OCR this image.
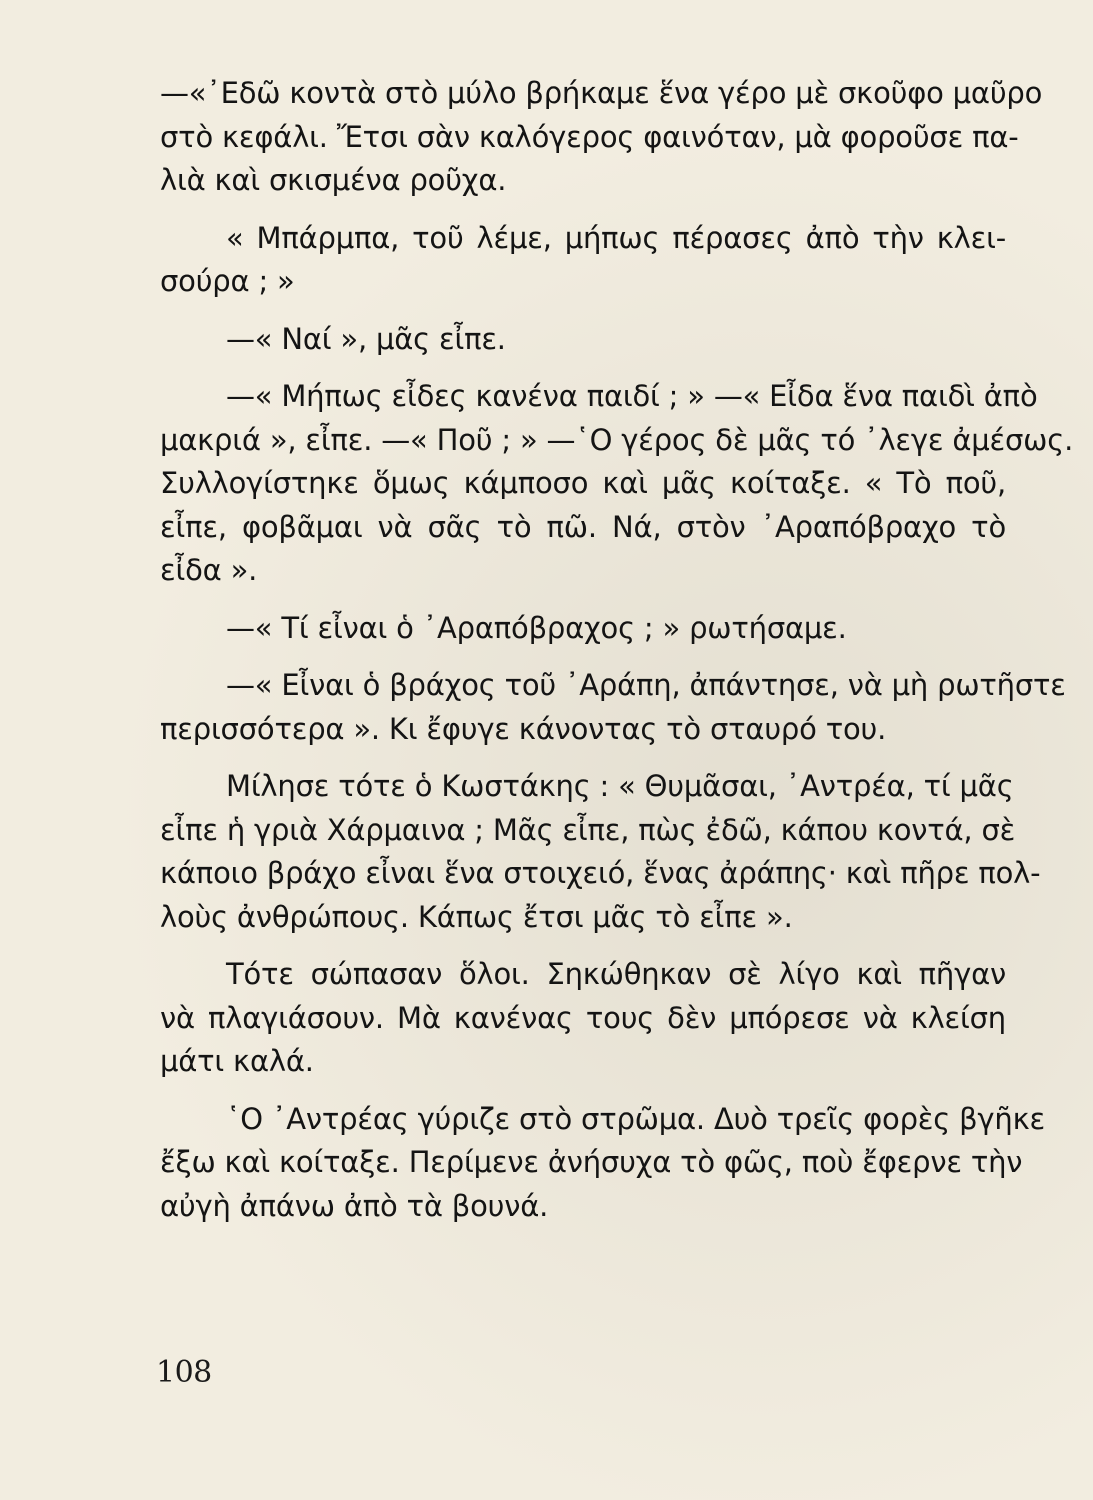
—«᾿Εδῶ κοντὰ στὸ μύλο βρήκαμε ἕνα γέρο μὲ σκοῦφο μαῦρο
στὸ κεφάλι. Ἔτσι σὰν καλόγερος φαινόταν, μὰ φοροῦσε πα-
λιὰ καὶ σκισμένα ροῦχα.

« Μπάρμπα, τοῦ λέμε, μήπως πέρασες ἀπὸ τὴν κλει-
σούρα ; »

—« Ναί », μᾶς εἶπε.

—« Μήπως εἶδες κανένα παιδί ; » —« Εἶδα ἕνα παιδὶ ἀπὸ
μακριά », εἶπε. —« Ποῦ ; » —῾Ο γέρος δὲ μᾶς τό ᾿λεγε ἀμέσως.
Συλλογίστηκε ὅμως κάμποσο καὶ μᾶς κοίταξε. « Τὸ ποῦ,
εἶπε, φοβᾶμαι νὰ σᾶς τὸ πῶ. Νά, στὸν ᾿Αραπόβραχο τὸ
εἶδα ».

—« Τί εἶναι ὁ ᾿Αραπόβραχος ; » ρωτήσαμε.

—« Εἶναι ὁ βράχος τοῦ ᾿Αράπη, ἀπάντησε, νὰ μὴ ρωτῆστε
περισσότερα ». Κι ἔφυγε κάνοντας τὸ σταυρό του.

Μίλησε τότε ὁ Κωστάκης : « Θυμᾶσαι, ᾿Αντρέα, τί μᾶς
εἶπε ἡ γριὰ Χάρμαινα ; Μᾶς εἶπε, πὼς ἐδῶ, κάπου κοντά, σὲ
κάποιο βράχο εἶναι ἕνα στοιχειό, ἕνας ἀράπης· καὶ πῆρε πολ-
λοὺς ἀνθρώπους. Κάπως ἔτσι μᾶς τὸ εἶπε ».

Τότε σώπασαν ὅλοι. Σηκώθηκαν σὲ λίγο καὶ πῆγαν
νὰ πλαγιάσουν. Μὰ κανένας τους δὲν μπόρεσε νὰ κλείση
μάτι καλά.

῾Ο ᾿Αντρέας γύριζε στὸ στρῶμα. Δυὸ τρεῖς φορὲς βγῆκε
ἔξω καὶ κοίταξε. Περίμενε ἀνήσυχα τὸ φῶς, ποὺ ἔφερνε τὴν
αὐγὴ ἀπάνω ἀπὸ τὰ βουνά.

108
